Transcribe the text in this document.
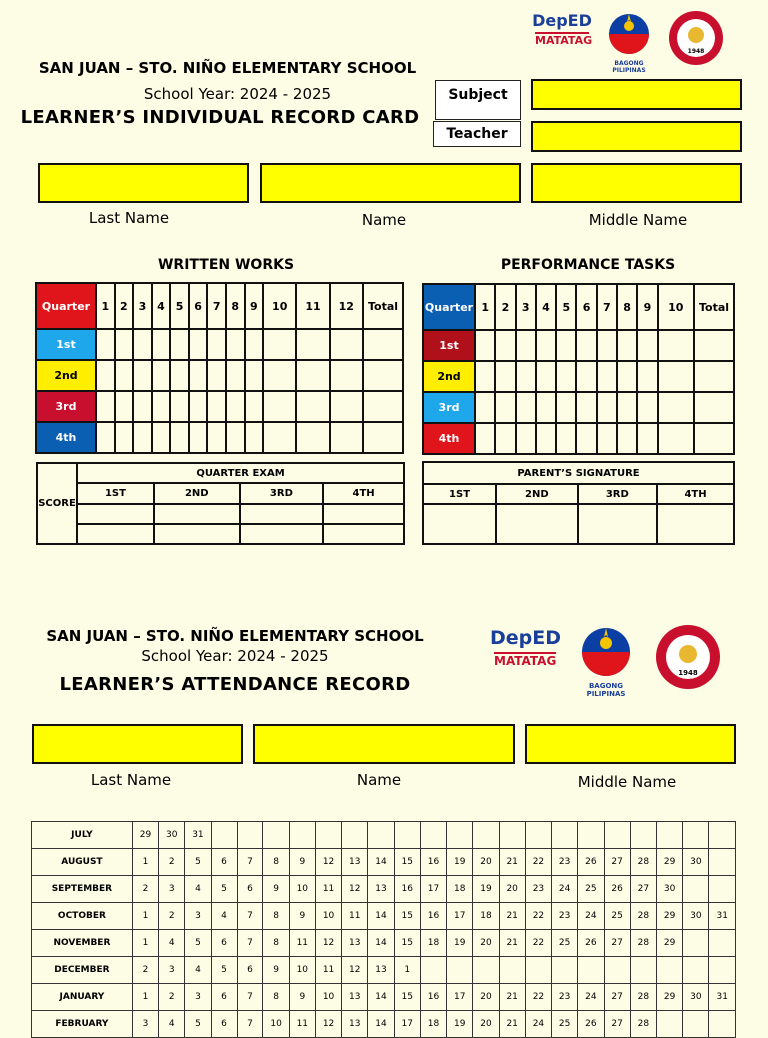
SAN JUAN – STO. NIÑO ELEMENTARY SCHOOL
School Year: 2024 - 2025
LEARNER’S INDIVIDUAL RECORD CARD
DepED
MATATAG
BAGONG PILIPINAS
1948
Subject
Teacher
Last Name	Name	Middle Name
WRITTEN WORKS	PERFORMANCE TASKS
Quarter	1	2	3	4	5	6	7	8	9	10	11	12	Total
1st													
2nd													
3rd													
4th													
Quarter	1	2	3	4	5	6	7	8	9	10	Total
1st											
2nd											
3rd											
4th											
SCORE	QUARTER EXAM			
	1ST	2ND	3RD	4TH

PARENT’S SIGNATURE			
1ST	2ND	3RD	4TH

SAN JUAN – STO. NIÑO ELEMENTARY SCHOOL
School Year: 2024 - 2025
LEARNER’S ATTENDANCE RECORD
DepED
MATATAG
BAGONG PILIPINAS
1948
Last Name	Name	Middle Name
JULY	29	30	31																				
AUGUST	1	2	5	6	7	8	9	12	13	14	15	16	19	20	21	22	23	26	27	28	29	30	
SEPTEMBER	2	3	4	5	6	9	10	11	12	13	16	17	18	19	20	23	24	25	26	27	30		
OCTOBER	1	2	3	4	7	8	9	10	11	14	15	16	17	18	21	22	23	24	25	28	29	30	31
NOVEMBER	1	4	5	6	7	8	11	12	13	14	15	18	19	20	21	22	25	26	27	28	29		
DECEMBER	2	3	4	5	6	9	10	11	12	13	1												
JANUARY	1	2	3	6	7	8	9	10	13	14	15	16	17	20	21	22	23	24	27	28	29	30	31
FEBRUARY	3	4	5	6	7	10	11	12	13	14	17	18	19	20	21	24	25	26	27	28			
